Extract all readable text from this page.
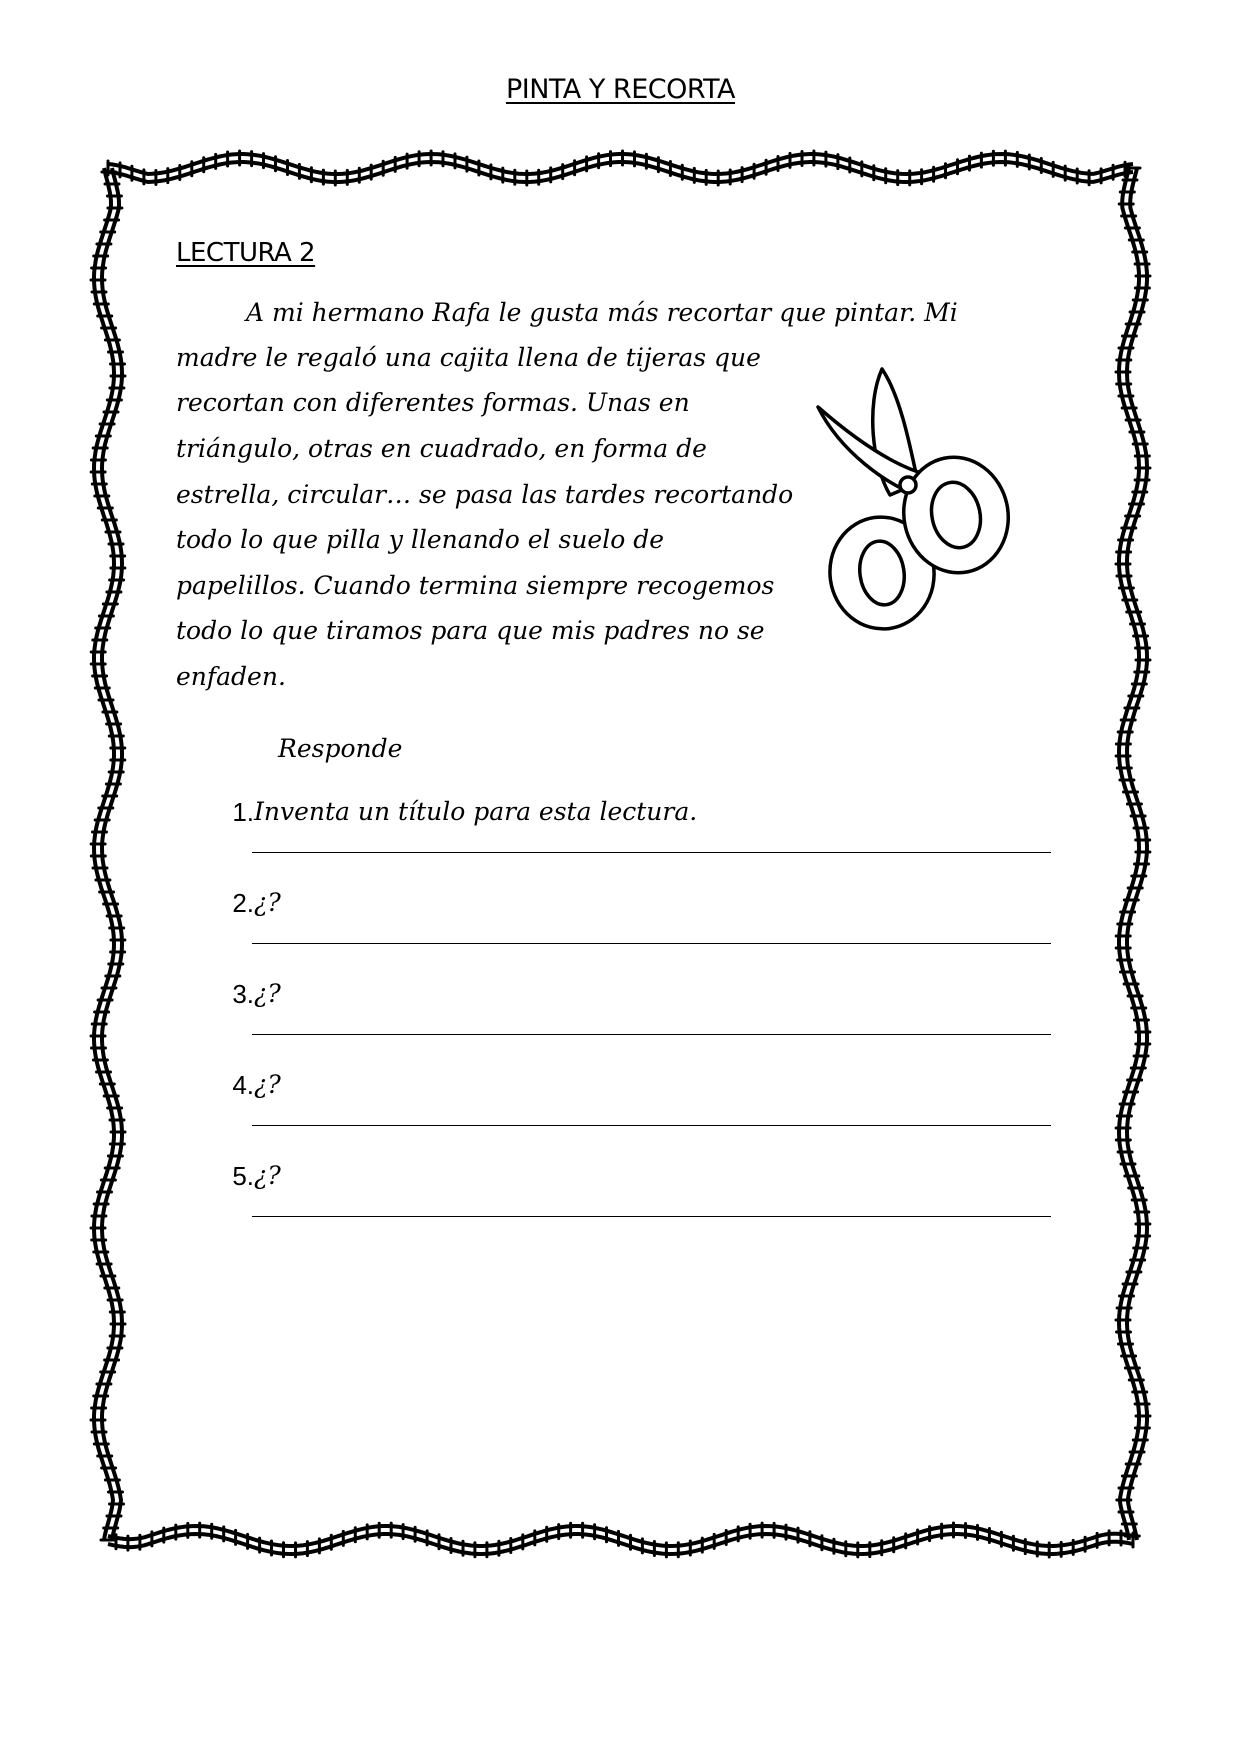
PINTA Y RECORTA
LECTURA 2
A mi hermano Rafa le gusta más recortar que pintar. Mi
madre le regaló una cajita llena de tijeras que
recortan con diferentes formas. Unas en
triángulo, otras en cuadrado, en forma de
estrella, circular… se pasa las tardes recortando
todo lo que pilla y llenando el suelo de
papelillos. Cuando termina siempre recogemos
todo lo que tiramos para que mis padres no se
enfaden.
Responde
1. Inventa un título para esta lectura.
2. ¿?
3. ¿?
4. ¿?
5. ¿?
